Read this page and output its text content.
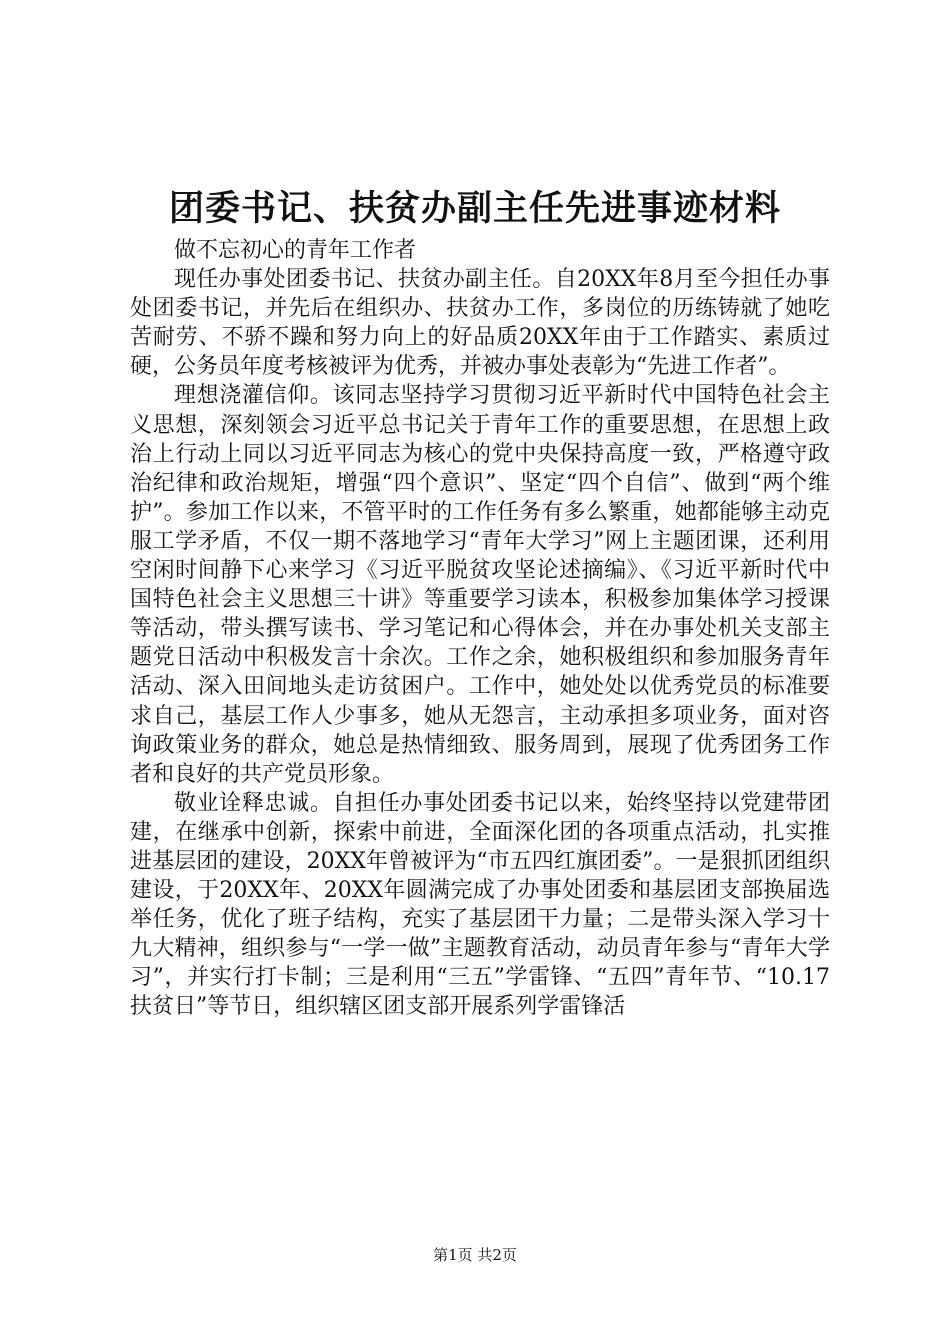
团委书记、扶贫办副主任先进事迹材料

做不忘初心的青年工作者

现任办事处团委书记、扶贫办副主任。自20XX年8月至今担任办事处团委书记，并先后在组织办、扶贫办工作，多岗位的历练铸就了她吃苦耐劳、不骄不躁和努力向上的好品质20XX年由于工作踏实、素质过硬，公务员年度考核被评为优秀，并被办事处表彰为“先进工作者”。

理想浇灌信仰。该同志坚持学习贯彻习近平新时代中国特色社会主义思想，深刻领会习近平总书记关于青年工作的重要思想，在思想上政治上行动上同以习近平同志为核心的党中央保持高度一致，严格遵守政治纪律和政治规矩，增强“四个意识”、坚定“四个自信”、做到“两个维护”。参加工作以来，不管平时的工作任务有多么繁重，她都能够主动克服工学矛盾，不仅一期不落地学习“青年大学习”网上主题团课，还利用空闲时间静下心来学习《习近平脱贫攻坚论述摘编》、《习近平新时代中国特色社会主义思想三十讲》等重要学习读本，积极参加集体学习授课等活动，带头撰写读书、学习笔记和心得体会，并在办事处机关支部主题党日活动中积极发言十余次。工作之余，她积极组织和参加服务青年活动、深入田间地头走访贫困户。工作中，她处处以优秀党员的标准要求自己，基层工作人少事多，她从无怨言，主动承担多项业务，面对咨询政策业务的群众，她总是热情细致、服务周到，展现了优秀团务工作者和良好的共产党员形象。

敬业诠释忠诚。自担任办事处团委书记以来，始终坚持以党建带团建，在继承中创新，探索中前进，全面深化团的各项重点活动，扎实推进基层团的建设，20XX年曾被评为“市五四红旗团委”。一是狠抓团组织建设，于20XX年、20XX年圆满完成了办事处团委和基层团支部换届选举任务，优化了班子结构，充实了基层团干力量；二是带头深入学习十九大精神，组织参与“一学一做”主题教育活动，动员青年参与“青年大学习”，并实行打卡制；三是利用“三五”学雷锋、“五四”青年节、“10.17扶贫日”等节日，组织辖区团支部开展系列学雷锋活

第1页 共2页
